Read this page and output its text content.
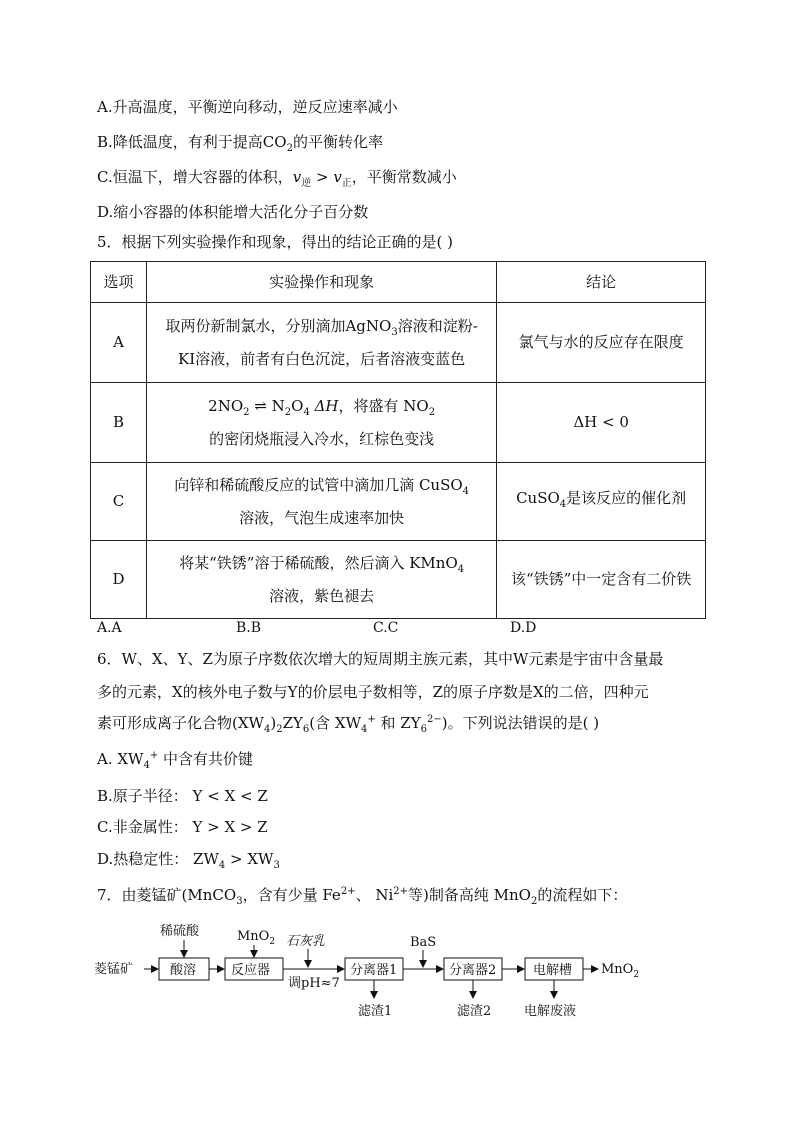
A.升高温度，平衡逆向移动，逆反应速率减小
B.降低温度，有利于提高$CO_2$的平衡转化率
C.恒温下，增大容器的体积，$v_逆 > v_正$，平衡常数减小
D.缩小容器的体积能增大活化分子百分数
5．根据下列实验操作和现象，得出的结论正确的是( )
选项	实验操作和现象	结论
A	取两份新制氯水，分别滴加AgNO$_3$溶液和淀粉-
KI溶液，前者有白色沉淀，后者溶液变蓝色	氯气与水的反应存在限度
B	$2NO_2$ ⇌ $N_2O_4$ ΔH，将盛有 $NO_2$
的密闭烧瓶浸入冷水，红棕色变浅	ΔH < 0
C	向锌和稀硫酸反应的试管中滴加几滴 CuSO$_4$
溶液，气泡生成速率加快	CuSO$_4$是该反应的催化剂
D	将某“铁锈”溶于稀硫酸，然后滴入 KMnO$_4$
溶液，紫色褪去	该“铁锈”中一定含有二价铁
A.A	B.B	C.C	D.D
6．W、X、Y、Z为原子序数依次增大的短周期主族元素，其中W元素是宇宙中含量最
多的元素，X的核外电子数与Y的价层电子数相等，Z的原子序数是X的二倍，四种元
素可形成离子化合物$(XW_4)_2ZY_6$(含 $XW_4^+$ 和 $ZY_6^{2-}$)。下列说法错误的是( )
A. $XW_4^+$ 中含有共价键
B.原子半径： Y < X < Z
C.非金属性： Y > X > Z
D.热稳定性： $ZW_4 > XW_3$
7．由菱锰矿(MnCO$_3$，含有少量 $Fe^{2+}$、 $Ni^{2+}$等)制备高纯 MnO$_2$的流程如下：
菱锰矿	酸溶
稀硫酸
反应器
MnO$_2$ 石灰乳
调pH≈7
分离器1
滤渣1
BaS
分离器2
滤渣2
电解槽
电解废液
MnO$_2$
